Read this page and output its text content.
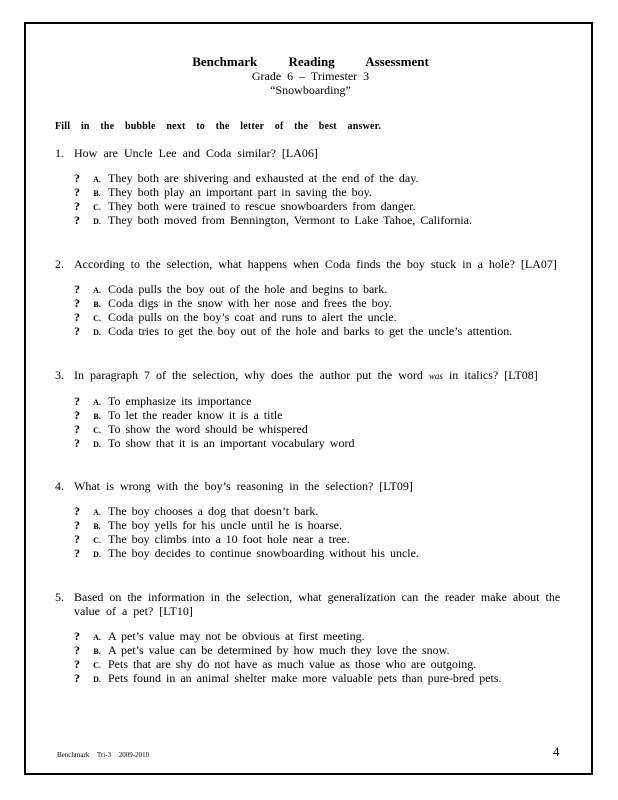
Benchmark Reading Assessment
Grade 6 – Trimester 3
“Snowboarding”
Fill in the bubble next to the letter of the best answer.
1. How are Uncle Lee and Coda similar? [LA06]
?	A. They both are shivering and exhausted at the end of the day.
?	B. They both play an important part in saving the boy.
?	C. They both were trained to rescue snowboarders from danger.
?	D. They both moved from Bennington, Vermont to Lake Tahoe, California.
2. According to the selection, what happens when Coda finds the boy stuck in a hole? [LA07]
?	A. Coda pulls the boy out of the hole and begins to bark.
?	B. Coda digs in the snow with her nose and frees the boy.
?	C. Coda pulls on the boy’s coat and runs to alert the uncle.
?	D. Coda tries to get the boy out of the hole and barks to get the uncle’s attention.
3. In paragraph 7 of the selection, why does the author put the word was in italics? [LT08]
?	A. To emphasize its importance
?	B. To let the reader know it is a title
?	C. To show the word should be whispered
?	D. To show that it is an important vocabulary word
4. What is wrong with the boy’s reasoning in the selection? [LT09]
?	A. The boy chooses a dog that doesn’t bark.
?	B. The boy yells for his uncle until he is hoarse.
?	C. The boy climbs into a 10 foot hole near a tree.
?	D. The boy decides to continue snowboarding without his uncle.
5. Based on the information in the selection, what generalization can the reader make about the value of a pet? [LT10]
?	A. A pet’s value may not be obvious at first meeting.
?	B. A pet’s value can be determined by how much they love the snow.
?	C. Pets that are shy do not have as much value as those who are outgoing.
?	D. Pets found in an animal shelter make more valuable pets than pure-bred pets.
Benchmark Tri-3 2009-2010	4
